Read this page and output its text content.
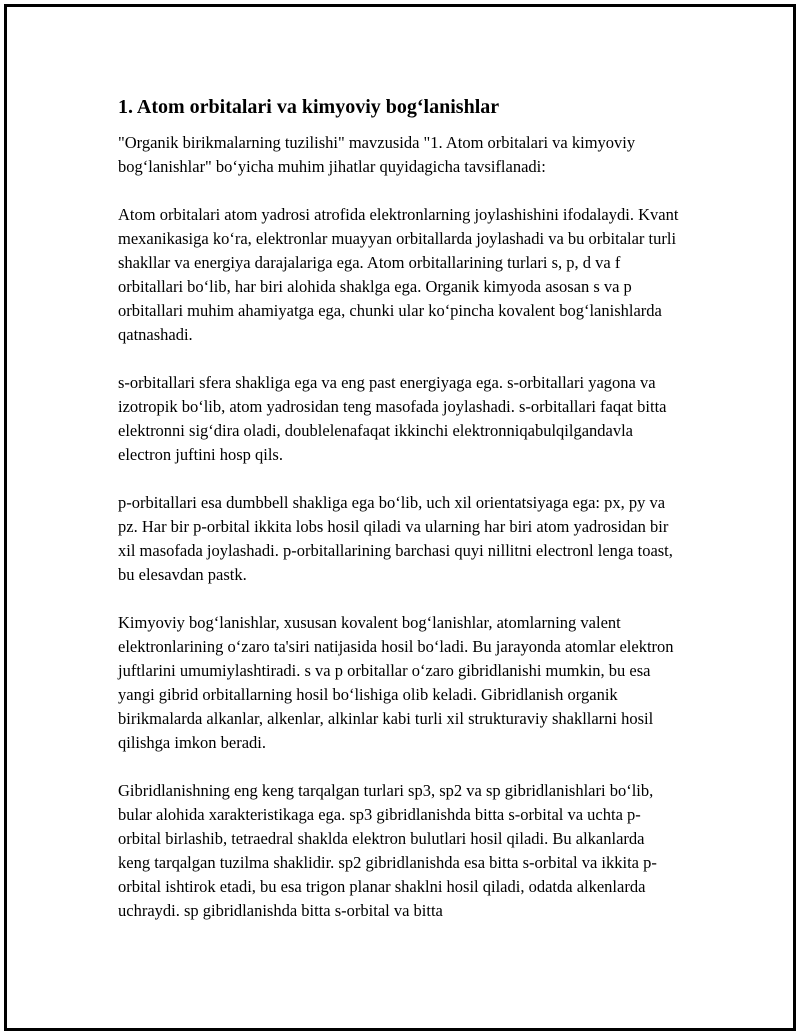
1. Atom orbitalari va kimyoviy bog‘lanishlar

"Organik birikmalarning tuzilishi" mavzusida "1. Atom orbitalari va kimyoviy bog‘lanishlar" bo‘yicha muhim jihatlar quyidagicha tavsiflanadi:

Atom orbitalari atom yadrosi atrofida elektronlarning joylashishini ifodalaydi. Kvant mexanikasiga ko‘ra, elektronlar muayyan orbitallarda joylashadi va bu orbitalar turli shakllar va energiya darajalariga ega. Atom orbitallarining turlari s, p, d va f orbitallari bo‘lib, har biri alohida shaklga ega. Organik kimyoda asosan s va p orbitallari muhim ahamiyatga ega, chunki ular ko‘pincha kovalent bog‘lanishlarda qatnashadi.

s-orbitallari sfera shakliga ega va eng past energiyaga ega. s-orbitallari yagona va izotropik bo‘lib, atom yadrosidan teng masofada joylashadi. s-orbitallari faqat bitta elektronni sig‘dira oladi, doublelenafaqat ikkinchi elektronniqabulqilgandavla electron juftini hosp qils.

p-orbitallari esa dumbbell shakliga ega bo‘lib, uch xil orientatsiyaga ega: px, py va pz. Har bir p-orbital ikkita lobs hosil qiladi va ularning har biri atom yadrosidan bir xil masofada joylashadi. p-orbitallarining barchasi quyi nillitni electronl lenga toast, bu elesavdan pastk.

Kimyoviy bog‘lanishlar, xususan kovalent bog‘lanishlar, atomlarning valent elektronlarining o‘zaro ta'siri natijasida hosil bo‘ladi. Bu jarayonda atomlar elektron juftlarini umumiylashtiradi. s va p orbitallar o‘zaro gibridlanishi mumkin, bu esa yangi gibrid orbitallarning hosil bo‘lishiga olib keladi. Gibridlanish organik birikmalarda alkanlar, alkenlar, alkinlar kabi turli xil strukturaviy shakllarni hosil qilishga imkon beradi.

Gibridlanishning eng keng tarqalgan turlari sp3, sp2 va sp gibridlanishlari bo‘lib, bular alohida xarakteristikaga ega. sp3 gibridlanishda bitta s-orbital va uchta p-orbital birlashib, tetraedral shaklda elektron bulutlari hosil qiladi. Bu alkanlarda keng tarqalgan tuzilma shaklidir. sp2 gibridlanishda esa bitta s-orbital va ikkita p-orbital ishtirok etadi, bu esa trigon planar shaklni hosil qiladi, odatda alkenlarda uchraydi. sp gibridlanishda bitta s-orbital va bitta
